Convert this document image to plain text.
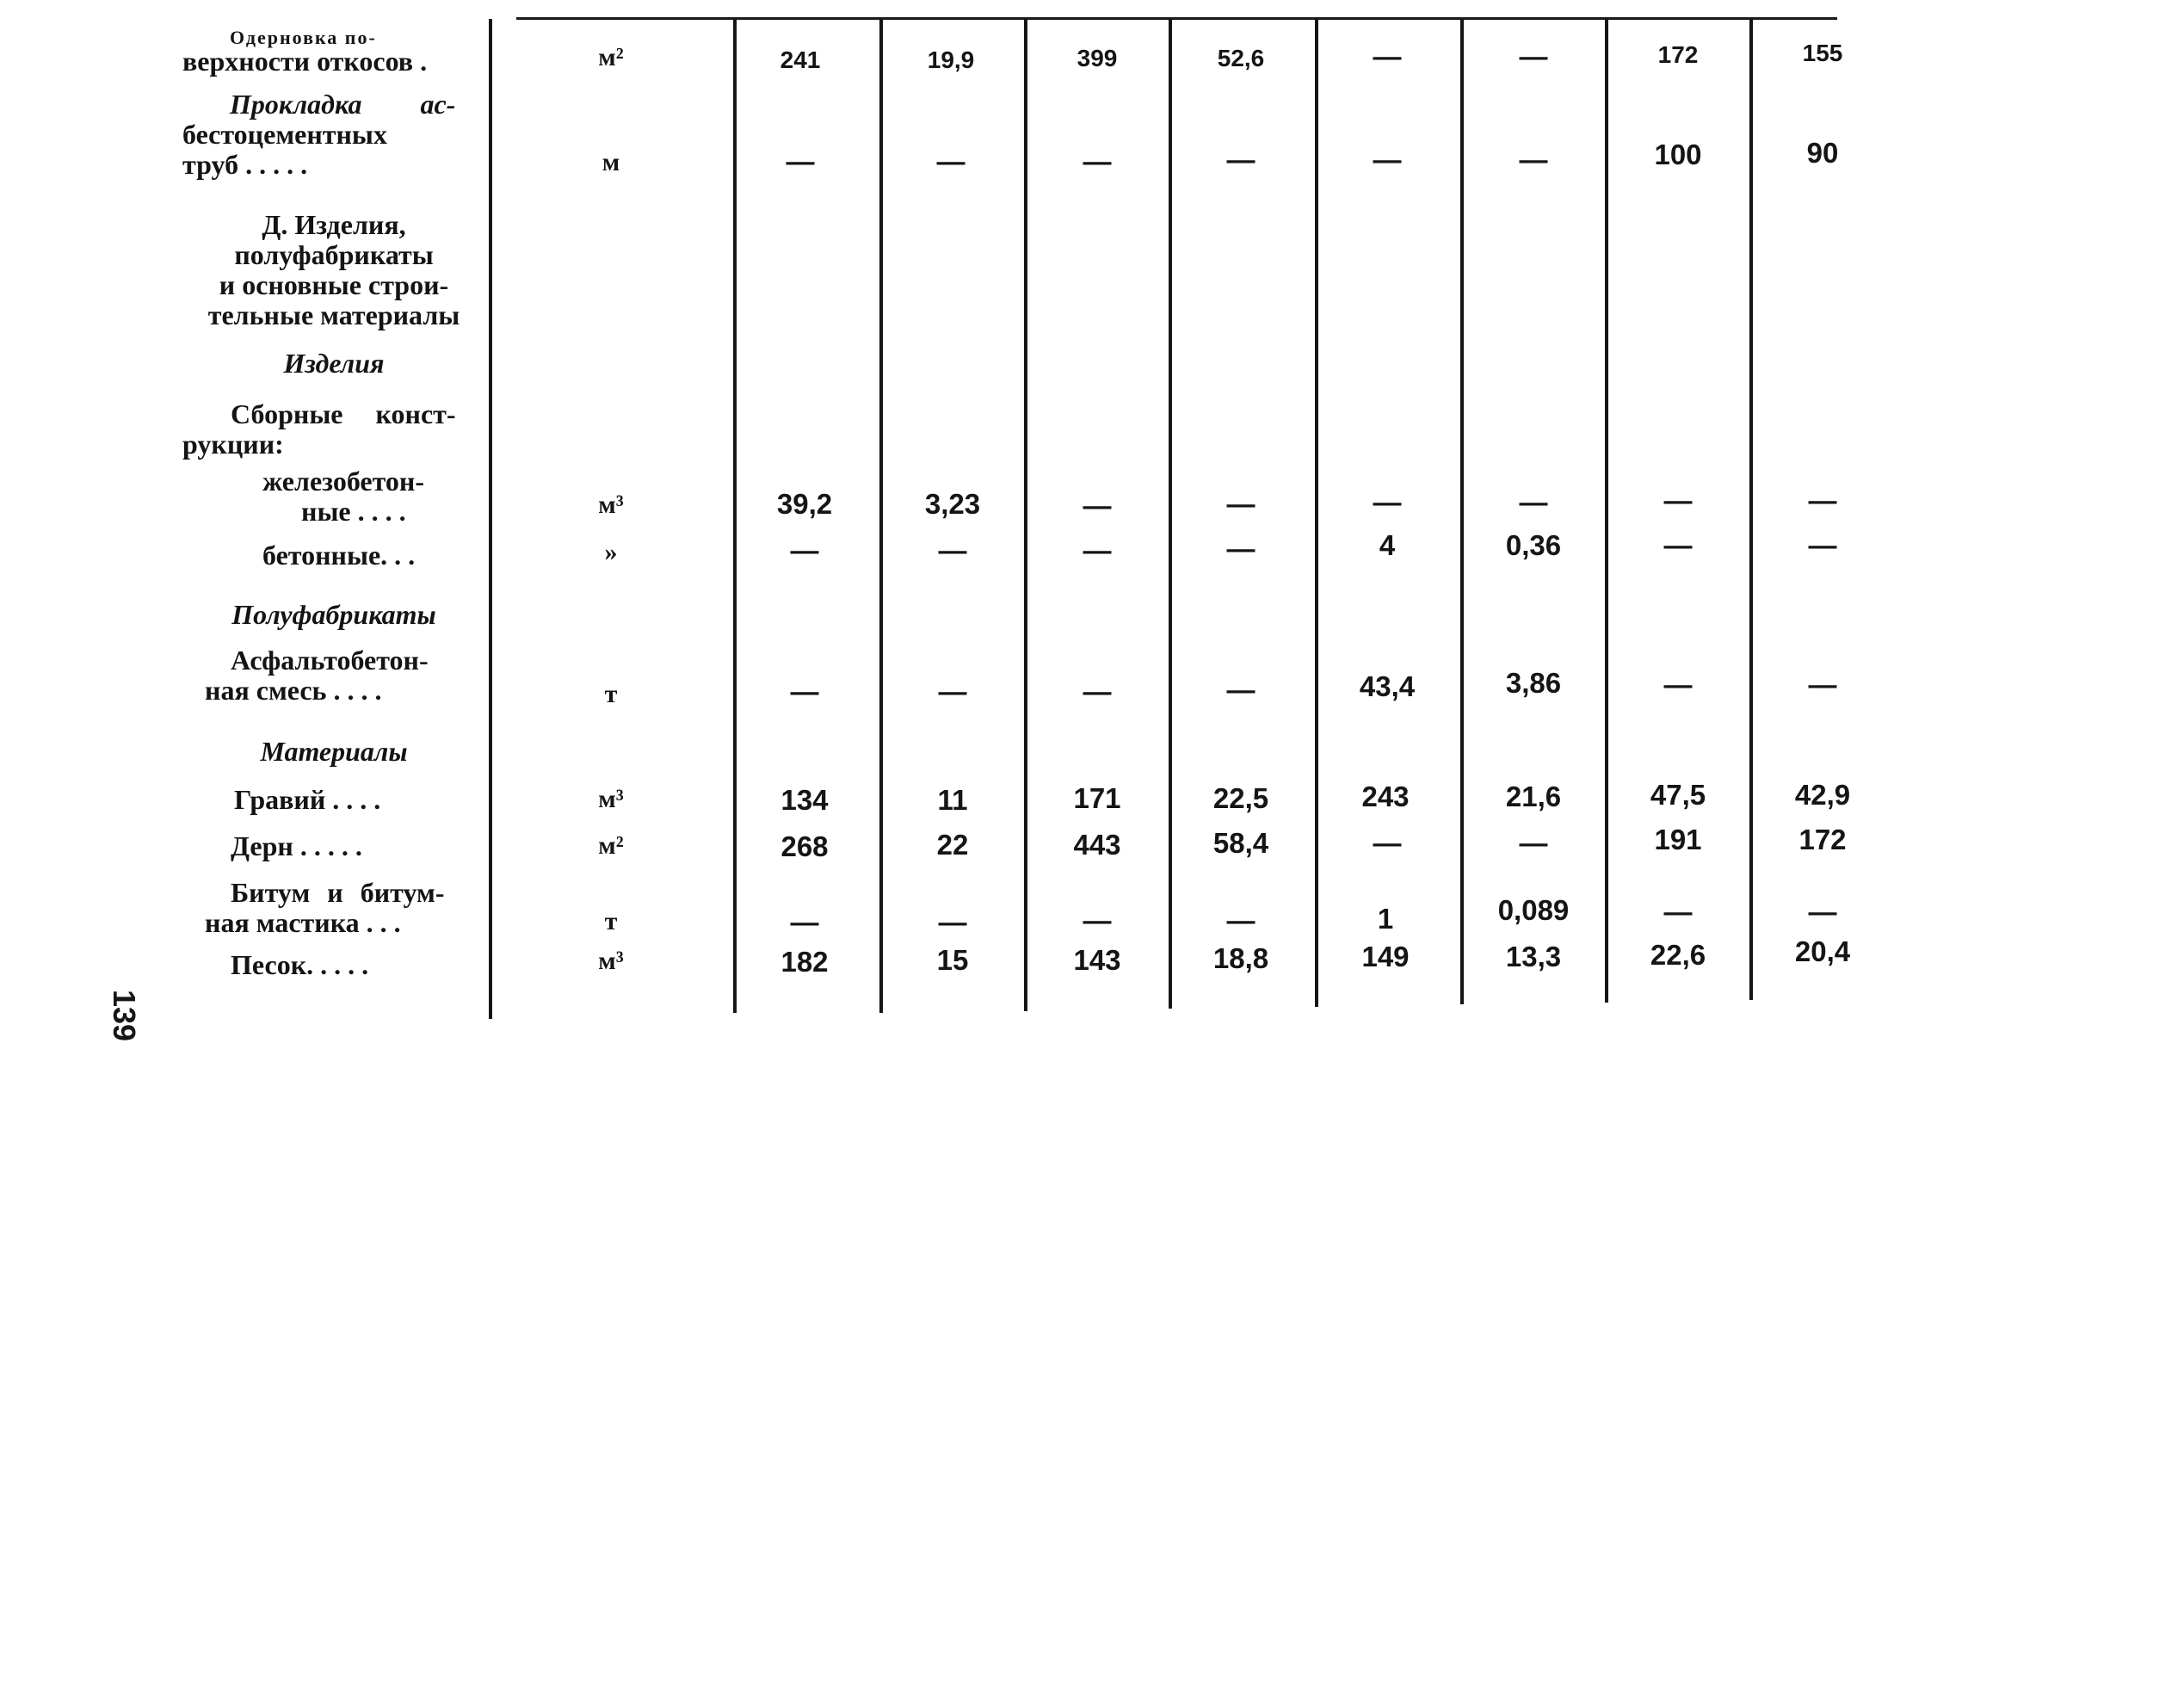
Одерновка по-
верхности откосов .	м²	241	19,9	399	52,6	—	—	172	155
Прокладка ас-
бестоцементных
труб . . . . .	м	—	—	—	—	—	—	100	90
Д. Изделия,
полуфабрикаты
и основные строи-
тельные материалы
Изделия
Сборные конст-
рукции:
железобетон-
ные . . . .	м³	39,2	3,23	—	—	—	—	—	—
бетонные. . .	»	—	—	—	—	4	0,36	—	—
Полуфабрикаты
Асфальтобетон-
ная смесь . . . .	т	—	—	—	—	43,4	3,86	—	—
Материалы
Гравий . . . .	м³	134	11	171	22,5	243	21,6	47,5	42,9
Дерн . . . . .	м²	268	22	443	58,4	—	—	191	172
Битум и битум-
ная мастика . . .	т	—	—	—	—	1	0,089	—	—
Песок. . . . .	м³	182	15	143	18,8	149	13,3	22,6	20,4
139
